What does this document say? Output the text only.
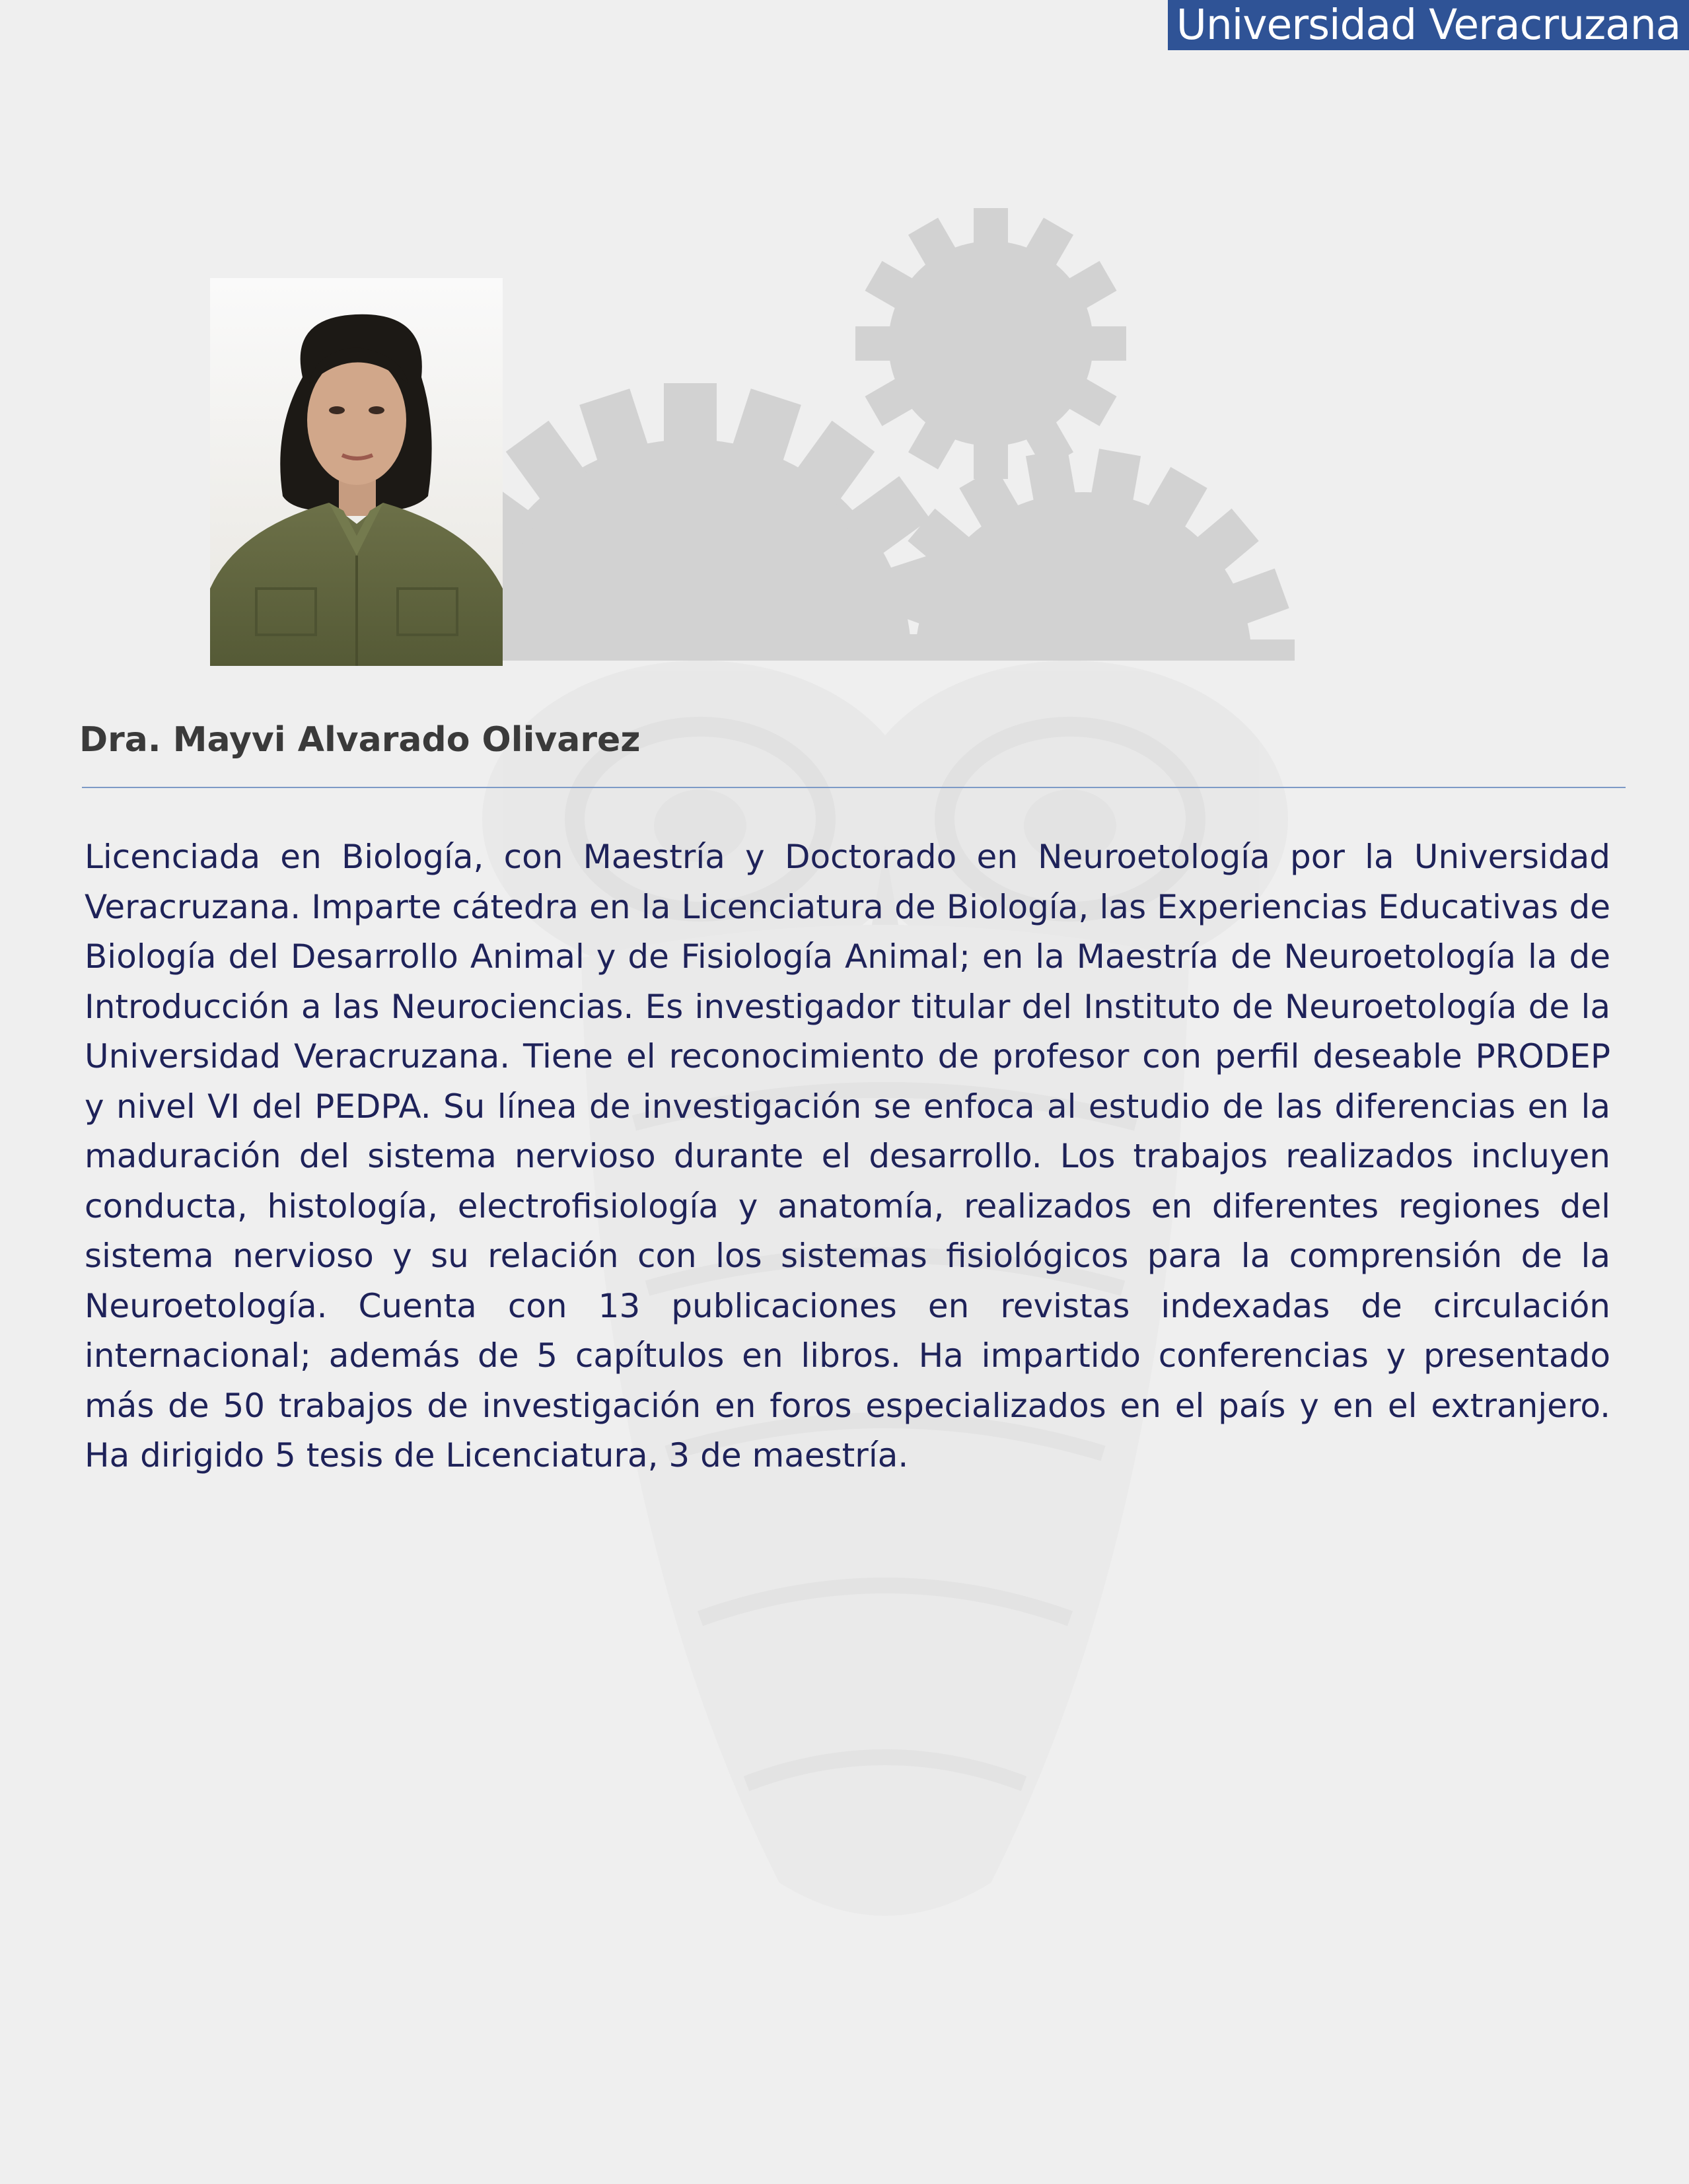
Universidad Veracruzana
Dra. Mayvi Alvarado Olivarez

Licenciada en Biología, con Maestría y Doctorado en Neuroetología por la Universidad Veracruzana. Imparte cátedra en la Licenciatura de Biología, las Experiencias Educativas de Biología del Desarrollo Animal y de Fisiología Animal; en la Maestría de Neuroetología la de Introducción a las Neurociencias. Es investigador titular del Instituto de Neuroetología de la Universidad Veracruzana. Tiene el reconocimiento de profesor con perfil deseable PRODEP y nivel VI del PEDPA. Su línea de investigación se enfoca al estudio de las diferencias en la maduración del sistema nervioso durante el desarrollo. Los trabajos realizados incluyen conducta, histología, electrofisiología y anatomía, realizados en diferentes regiones del sistema nervioso y su relación con los sistemas fisiológicos para la comprensión de la Neuroetología. Cuenta con 13 publicaciones en revistas indexadas de circulación internacional; además de 5 capítulos en libros. Ha impartido conferencias y presentado más de 50 trabajos de investigación en foros especializados en el país y en el extranjero. Ha dirigido 5 tesis de Licenciatura, 3 de maestría.
